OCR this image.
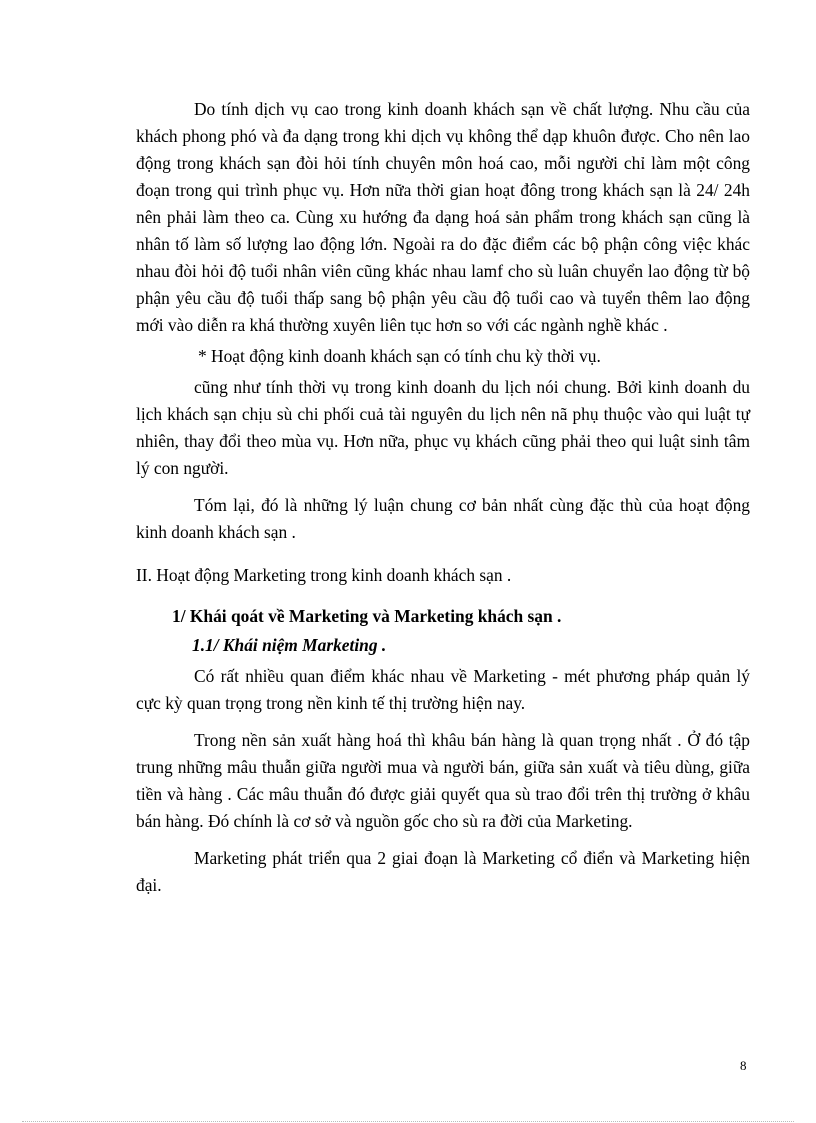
Do tính dịch vụ cao trong kinh doanh khách sạn về chất lượng. Nhu cầu của khách phong phó và đa dạng trong khi dịch vụ không thể dạp khuôn được. Cho nên lao động trong khách sạn đòi hỏi tính chuyên môn hoá cao, mỗi người chỉ làm một công đoạn trong qui trình phục vụ. Hơn nữa thời gian hoạt đông trong khách sạn là 24/ 24h nên phải làm theo ca. Cùng xu hướng đa dạng hoá sản phẩm trong khách sạn cũng là nhân tố làm số lượng lao động lớn. Ngoài ra do đặc điểm các bộ phận công việc khác nhau đòi hỏi độ tuổi nhân viên cũng khác nhau lamf cho sù luân chuyển lao động từ bộ phận yêu cầu độ tuổi thấp sang bộ phận yêu cầu độ tuổi cao và tuyển thêm lao động mới vào diễn ra khá thường xuyên liên tục hơn so với các ngành nghề khác .

* Hoạt động kinh doanh khách sạn có tính chu kỳ thời vụ.

cũng như tính thời vụ trong kinh doanh du lịch nói chung. Bởi kinh doanh du lịch khách sạn chịu sù chi phối cuả tài nguyên du lịch nên nã phụ thuộc vào qui luật tự nhiên, thay đổi theo mùa vụ. Hơn nữa, phục vụ khách cũng phải theo qui luật sinh tâm lý con người.

Tóm lại, đó là những lý luận chung cơ bản nhất cùng đặc thù của hoạt động kinh doanh khách sạn .

II. Hoạt động Marketing trong kinh doanh khách sạn .

1/ Khái qoát về Marketing và Marketing khách sạn .

1.1/ Khái niệm Marketing .

Có rất nhiều quan điểm khác nhau về Marketing - mét phương pháp quản lý cực kỳ quan trọng trong nền kinh tế thị trường hiện nay.

Trong nền sản xuất hàng hoá thì khâu bán hàng là quan trọng nhất . Ở đó tập trung những mâu thuẫn giữa người mua và người bán, giữa sản xuất và tiêu dùng, giữa tiền và hàng . Các mâu thuẫn đó được giải quyết qua sù trao đổi trên thị trường ở khâu bán hàng. Đó chính là cơ sở và nguồn gốc cho sù ra đời của Marketing.

Marketing phát triển qua 2 giai đoạn là Marketing cổ điển và Marketing hiện đại.

8
